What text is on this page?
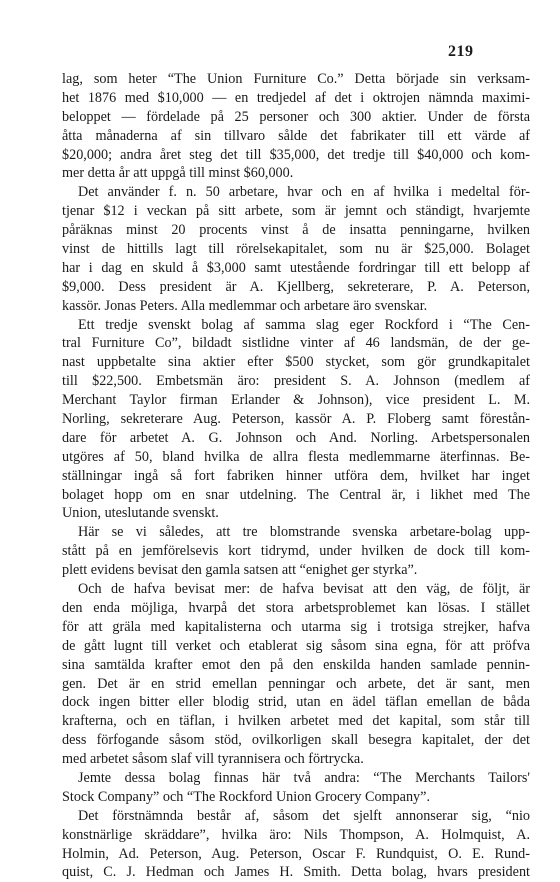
219
lag, som heter “The Union Furniture Co.” Detta började sin verksam-
het 1876 med $10,000 — en tredjedel af det i oktrojen nämnda maximi-
beloppet — fördelade på 25 personer och 300 aktier. Under de första
åtta månaderna af sin tillvaro sålde det fabrikater till ett värde af
$20,000; andra året steg det till $35,000, det tredje till $40,000 och kom-
mer detta år att uppgå till minst $60,000.
Det använder f. n. 50 arbetare, hvar och en af hvilka i medeltal för-
tjenar $12 i veckan på sitt arbete, som är jemnt och ständigt, hvarjemte
påräknas minst 20 procents vinst å de insatta penningarne, hvilken
vinst de hittills lagt till rörelsekapitalet, som nu är $25,000. Bolaget
har i dag en skuld å $3,000 samt utestående fordringar till ett belopp af
$9,000. Dess president är A. Kjellberg, sekreterare, P. A. Peterson,
kassör. Jonas Peters. Alla medlemmar och arbetare äro svenskar.
Ett tredje svenskt bolag af samma slag eger Rockford i “The Cen-
tral Furniture Co”, bildadt sistlidne vinter af 46 landsmän, de der ge-
nast uppbetalte sina aktier efter $500 stycket, som gör grundkapitalet
till $22,500. Embetsmän äro: president S. A. Johnson (medlem af
Merchant Taylor firman Erlander & Johnson), vice president L. M.
Norling, sekreterare Aug. Peterson, kassör A. P. Floberg samt förestån-
dare för arbetet A. G. Johnson och And. Norling. Arbetspersonalen
utgöres af 50, bland hvilka de allra flesta medlemmarne äterfinnas. Be-
ställningar ingå så fort fabriken hinner utföra dem, hvilket har inget
bolaget hopp om en snar utdelning. The Central är, i likhet med The
Union, uteslutande svenskt.
Här se vi således, att tre blomstrande svenska arbetare-bolag upp-
stått på en jemförelsevis kort tidrymd, under hvilken de dock till kom-
plett evidens bevisat den gamla satsen att “enighet ger styrka”.
Och de hafva bevisat mer: de hafva bevisat att den väg, de följt, är
den enda möjliga, hvarpå det stora arbetsproblemet kan lösas. I stället
för att gräla med kapitalisterna och utarma sig i trotsiga strejker, hafva
de gått lugnt till verket och etablerat sig såsom sina egna, för att pröfva
sina samtälda krafter emot den på den enskilda handen samlade pennin-
gen. Det är en strid emellan penningar och arbete, det är sant, men
dock ingen bitter eller blodig strid, utan en ädel täflan emellan de båda
krafterna, och en täflan, i hvilken arbetet med det kapital, som står till
dess förfogande såsom stöd, ovilkorligen skall besegra kapitalet, der det
med arbetet såsom slaf vill tyrannisera och förtrycka.
Jemte dessa bolag finnas här två andra: “The Merchants Tailors'
Stock Company” och “The Rockford Union Grocery Company”.
Det förstnämnda består af, såsom det sjelft annonserar sig, “nio
konstnärlige skräddare”, hvilka äro: Nils Thompson, A. Holmquist, A.
Holmin, Ad. Peterson, Aug. Peterson, Oscar F. Rundquist, O. E. Rund-
quist, C. J. Hedman och James H. Smith. Detta bolag, hvars president
